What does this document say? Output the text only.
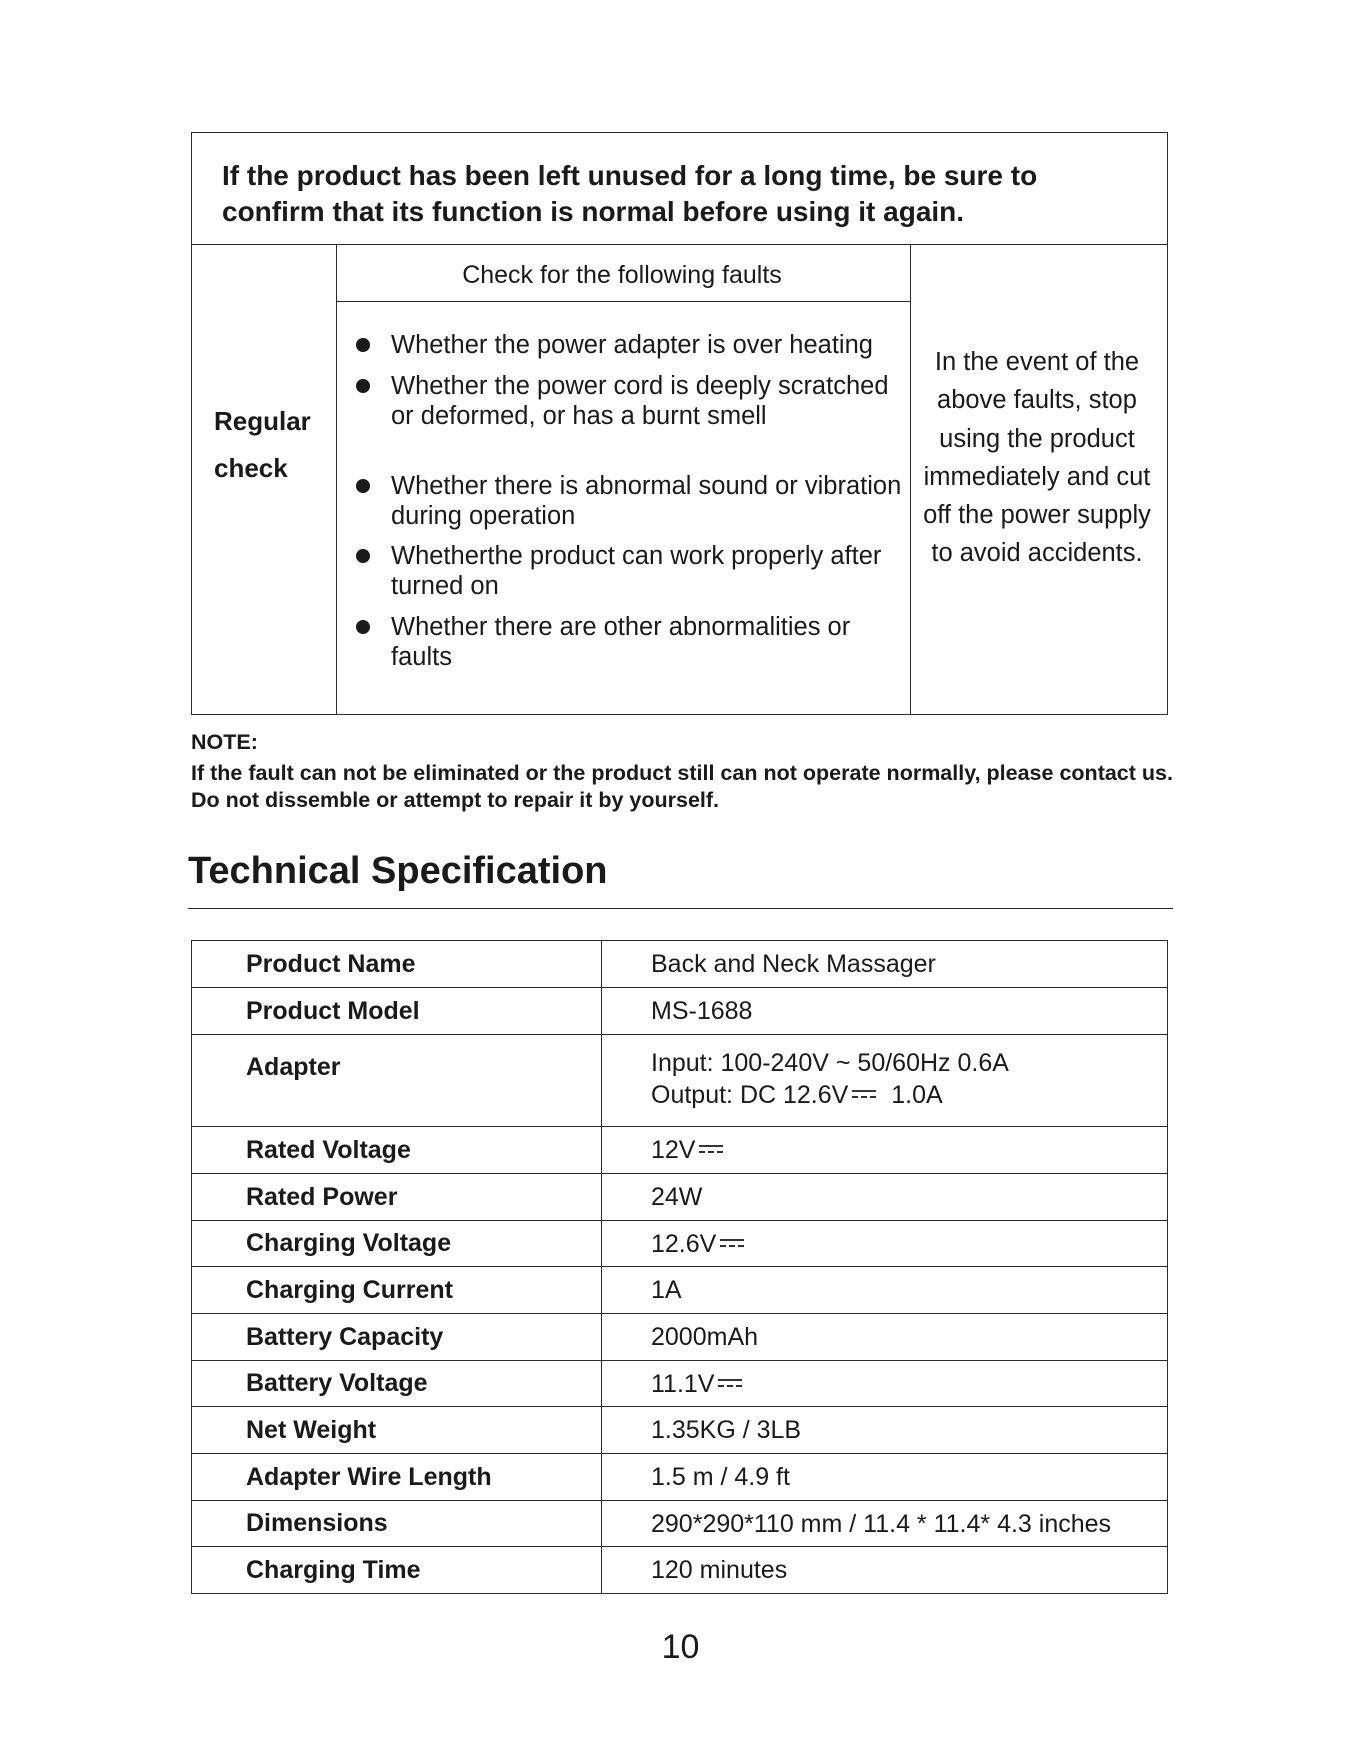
If the product has been left unused for a long time, be sure to confirm that its function is normal before using it again.
Regular
check
Check for the following faults
Whether the power adapter is over heating
Whether the power cord is deeply scratched or deformed, or has a burnt smell
Whether there is abnormal sound or vibration during operation
Whetherthe product can work properly after turned on
Whether there are other abnormalities or faults
In the event of the above faults, stop using the product immediately and cut off the power supply to avoid accidents.
NOTE:
If the fault can not be eliminated or the product still can not operate normally, please contact us. Do not dissemble or attempt to repair it by yourself.
Technical Specification
Product Name	Back and Neck Massager
Product Model	MS-1688
Adapter	Input: 100-240V ~ 50/60Hz 0.6A
Output: DC 12.6V 1.0A

Rated Voltage	12V
Rated Power	24W
Charging Voltage	12.6V
Charging Current	1A
Battery Capacity	2000mAh
Battery Voltage	11.1V
Net Weight	1.35KG / 3LB
Adapter Wire Length	1.5 m / 4.9 ft
Dimensions	290*290*110 mm / 11.4 * 11.4* 4.3 inches
Charging Time	120 minutes
10
